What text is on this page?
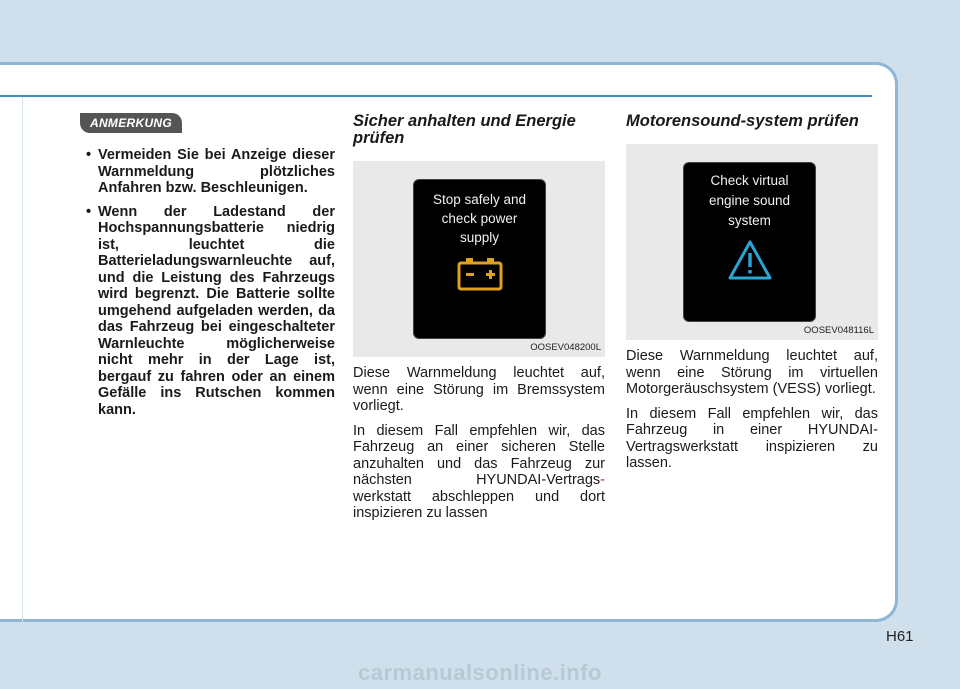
ANMERKUNG
• Vermeiden Sie bei Anzeige dieser Warnmeldung plötzliches Anfahren bzw. Beschleunigen.
• Wenn der Ladestand der Hochspannungsbatterie niedrig ist, leuchtet die Batterieladungswarnleuchte auf, und die Leistung des Fahrzeugs wird begrenzt. Die Batterie sollte umgehend aufgeladen werden, da das Fahrzeug bei eingeschalteter Warnleuchte möglicherweise nicht mehr in der Lage ist, bergauf zu fahren oder an einem Gefälle ins Rutschen kommen kann.
Sicher anhalten und Energie prüfen
Stop safely and check power supply
OOSEV048200L

Diese Warnmeldung leuchtet auf, wenn eine Störung im Bremssystem vorliegt.

In diesem Fall empfehlen wir, das Fahrzeug an einer sicheren Stelle anzuhalten und das Fahrzeug zur nächsten HYUNDAI-Vertrags- werkstatt abschleppen und dort inspizieren zu lassen

Motorensound-system prüfen
Check virtual engine sound system
OOSEV048116L

Diese Warnmeldung leuchtet auf, wenn eine Störung im virtuellen Motorgeräuschsystem (VESS) vorliegt.

In diesem Fall empfehlen wir, das Fahrzeug in einer HYUNDAI-Vertragswerkstatt inspizieren zu lassen.

H61
carmanualsonline.info
